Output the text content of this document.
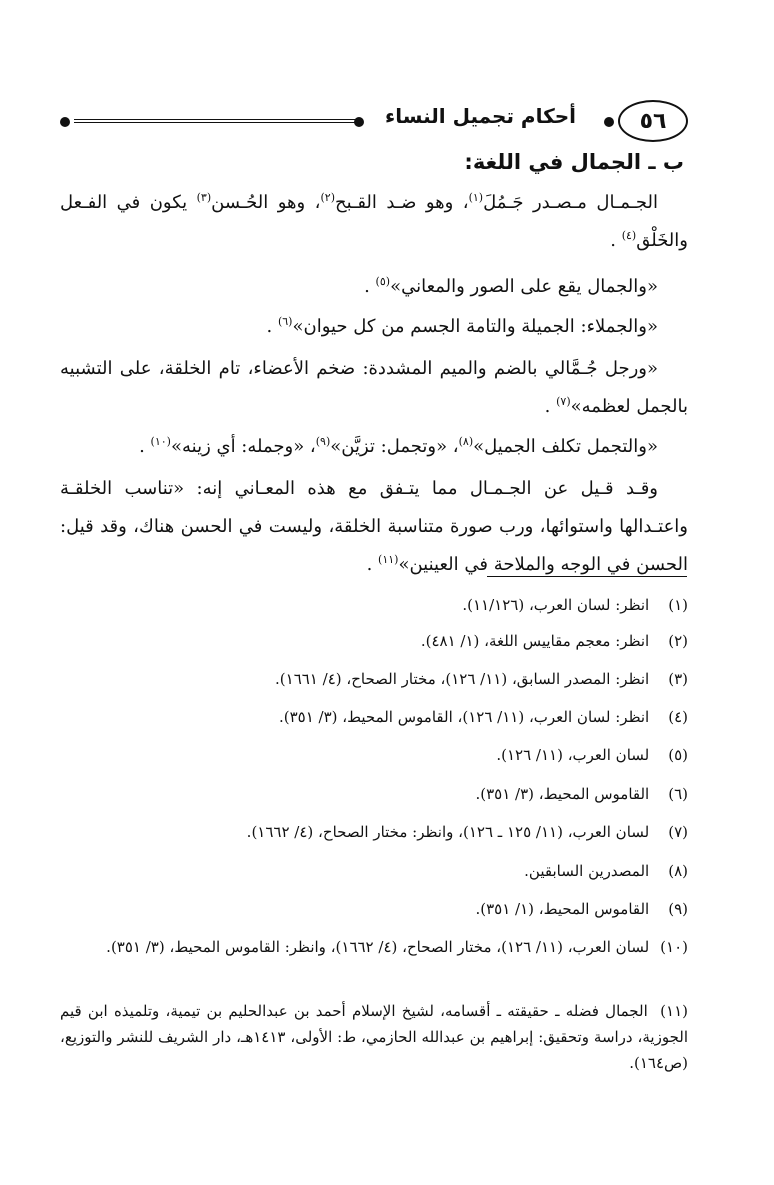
٥٦
أحكام تجميل النساء
ب ـ الجمال في اللغة:

الجـمـال مـصـدر جَـمُلَ$^{(١)}$، وهو ضـد القـبح$^{(٢)}$، وهو الحُـسن$^{(٣)}$ يكون في الفـعل والخَلْق$^{(٤)}$ .

«والجمال يقع على الصور والمعاني»$^{(٥)}$ .

«والجملاء: الجميلة والتامة الجسم من كل حيوان»$^{(٦)}$ .

«ورجل جُـمَّالي بالضم والميم المشددة: ضخم الأعضاء، تام الخلقة، على التشبيه بالجمل لعظمه»$^{(٧)}$ .

«والتجمل تكلف الجميل»$^{(٨)}$، «وتجمل: تزيَّن»$^{(٩)}$، «وجمله: أي زينه»$^{(١٠)}$ .

وقـد قـيل عن الجـمـال مما يتـفق مع هذه المعـاني إنه: «تناسب الخلقـة واعتـدالها واستوائها، ورب صورة متناسبة الخلقة، وليست في الحسن هناك، وقد قيل: الحسن في الوجه والملاحة في العينين»$^{(١١)}$ .

(١) انظر: لسان العرب، (١١/١٢٦).
(٢) انظر: معجم مقاييس اللغة، (١/ ٤٨١).
(٣) انظر: المصدر السابق، (١١/ ١٢٦)، مختار الصحاح، (٤/ ١٦٦١).
(٤) انظر: لسان العرب، (١١/ ١٢٦)، القاموس المحيط، (٣/ ٣٥١).
(٥) لسان العرب، (١١/ ١٢٦).
(٦) القاموس المحيط، (٣/ ٣٥١).
(٧) لسان العرب، (١١/ ١٢٥ ـ ١٢٦)، وانظر: مختار الصحاح، (٤/ ١٦٦٢).
(٨) المصدرين السابقين.
(٩) القاموس المحيط، (١/ ٣٥١).
(١٠) لسان العرب، (١١/ ١٢٦)، مختار الصحاح، (٤/ ١٦٦٢)، وانظر: القاموس المحيط، (٣/ ٣٥١).
(١١) الجمال فضله ـ حقيقته ـ أقسامه، لشيخ الإسلام أحمد بن عبدالحليم بن تيمية، وتلميذه ابن قيم الجوزية، دراسة وتحقيق: إبراهيم بن عبدالله الحازمي، ط: الأولى، ١٤١٣هـ، دار الشريف للنشر والتوزيع، (ص١٦٤).
